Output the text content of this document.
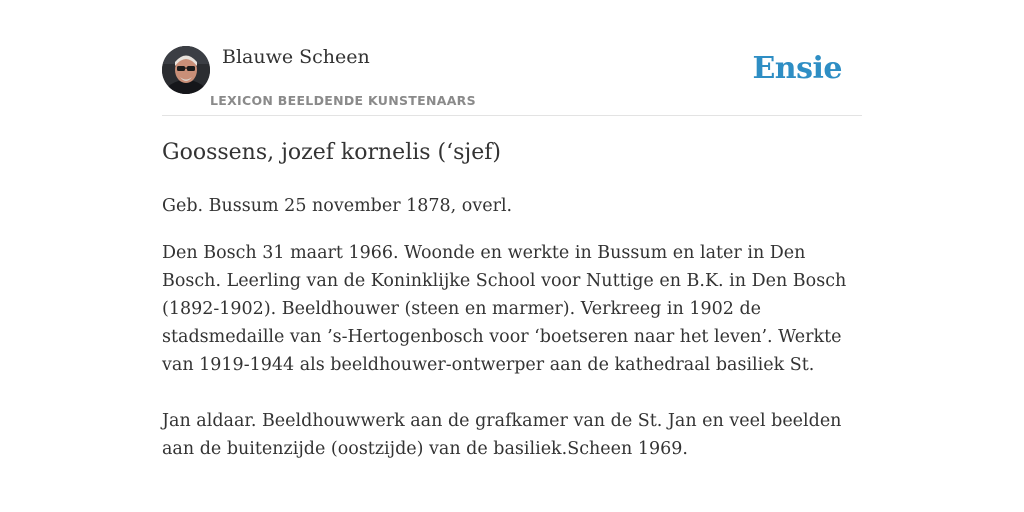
Blauwe Scheen
LEXICON BEELDENDE KUNSTENAARS
Ensie
Goossens, jozef kornelis (‘sjef)

Geb. Bussum 25 november 1878, overl.

Den Bosch 31 maart 1966. Woonde en werkte in Bussum en later in Den Bosch. Leerling van de Koninklijke School voor Nuttige en B.K. in Den Bosch (1892-1902). Beeldhouwer (steen en marmer). Verkreeg in 1902 de stadsmedaille van ’s-Hertogenbosch voor ‘boetseren naar het leven’. Werkte van 1919-1944 als beeldhouwer-ontwerper aan de kathedraal basiliek St.

Jan aldaar. Beeldhouwwerk aan de grafkamer van de St. Jan en veel beelden aan de buitenzijde (oostzijde) van de basiliek.Scheen 1969.
